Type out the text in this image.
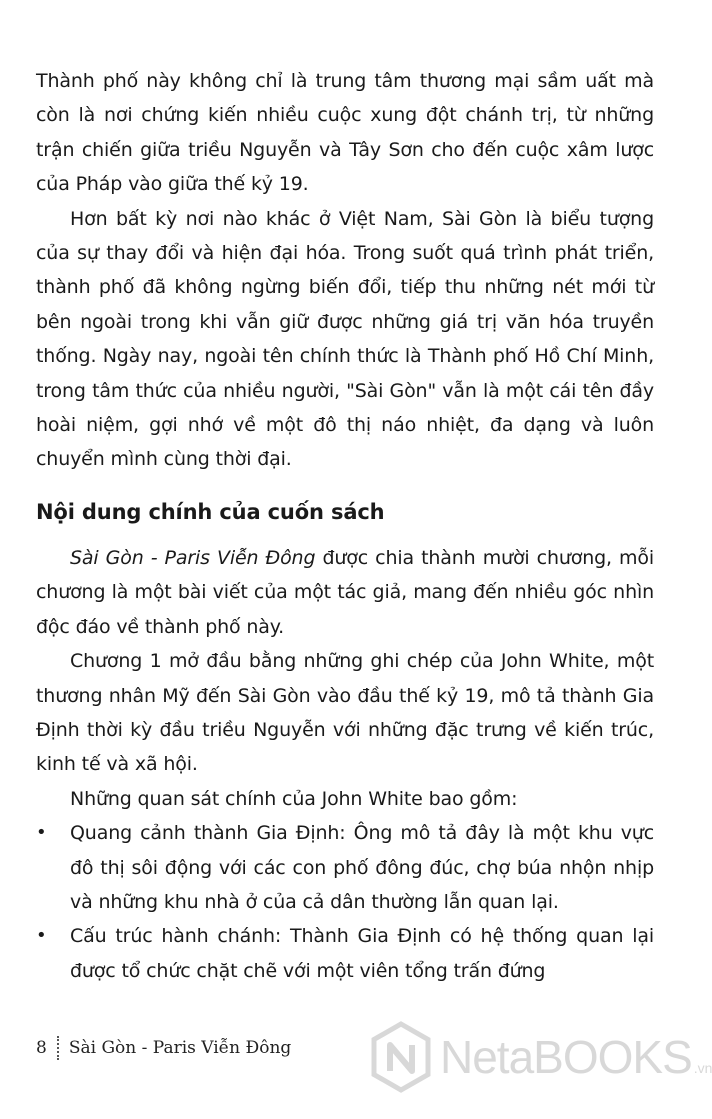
Thành phố này không chỉ là trung tâm thương mại sầm uất mà còn là nơi chứng kiến nhiều cuộc xung đột chánh trị, từ những trận chiến giữa triều Nguyễn và Tây Sơn cho đến cuộc xâm lược của Pháp vào giữa thế kỷ 19.

Hơn bất kỳ nơi nào khác ở Việt Nam, Sài Gòn là biểu tượng của sự thay đổi và hiện đại hóa. Trong suốt quá trình phát triển, thành phố đã không ngừng biến đổi, tiếp thu những nét mới từ bên ngoài trong khi vẫn giữ được những giá trị văn hóa truyền thống. Ngày nay, ngoài tên chính thức là Thành phố Hồ Chí Minh, trong tâm thức của nhiều người, "Sài Gòn" vẫn là một cái tên đầy hoài niệm, gợi nhớ về một đô thị náo nhiệt, đa dạng và luôn chuyển mình cùng thời đại.

Nội dung chính của cuốn sách

Sài Gòn - Paris Viễn Đông được chia thành mười chương, mỗi chương là một bài viết của một tác giả, mang đến nhiều góc nhìn độc đáo về thành phố này.

Chương 1 mở đầu bằng những ghi chép của John White, một thương nhân Mỹ đến Sài Gòn vào đầu thế kỷ 19, mô tả thành Gia Định thời kỳ đầu triều Nguyễn với những đặc trưng về kiến trúc, kinh tế và xã hội.

Những quan sát chính của John White bao gồm:

• Quang cảnh thành Gia Định: Ông mô tả đây là một khu vực đô thị sôi động với các con phố đông đúc, chợ búa nhộn nhịp và những khu nhà ở của cả dân thường lẫn quan lại.
• Cấu trúc hành chánh: Thành Gia Định có hệ thống quan lại được tổ chức chặt chẽ với một viên tổng trấn đứng
8 Sài Gòn - Paris Viễn Đông	NetaBOOKS .vn
